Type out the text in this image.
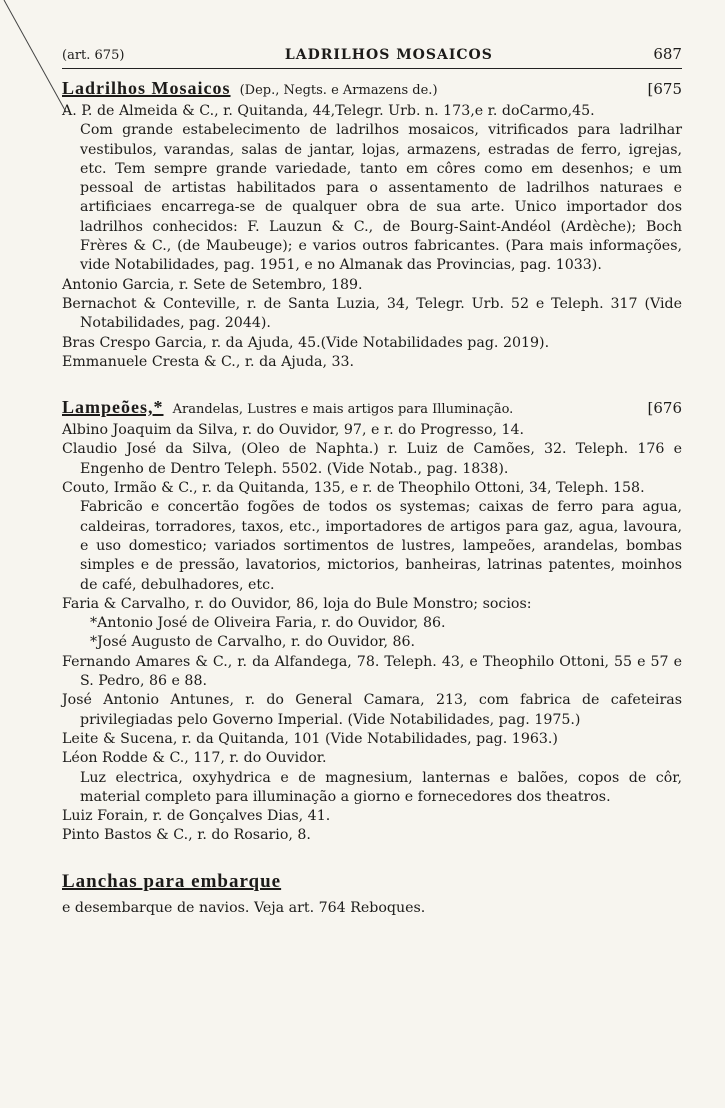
(art. 675)	LADRILHOS MOSAICOS	687
Ladrilhos Mosaicos (Dep., Negts. e Armazens de.)	[675
A. P. de Almeida & C., r. Quitanda, 44,Telegr. Urb. n. 173,e r. doCarmo,45.
Com grande estabelecimento de ladrilhos mosaicos, vitrificados para ladrilhar vestibulos, varandas, salas de jantar, lojas, armazens, estradas de ferro, igrejas, etc. Tem sempre grande variedade, tanto em côres como em desenhos; e um pessoal de artistas habilitados para o assentamento de ladrilhos naturaes e artificiaes encarrega-se de qualquer obra de sua arte. Unico importador dos ladrilhos conhecidos: F. Lauzun & C., de Bourg-Saint-Andéol (Ardèche); Boch Frères & C., (de Maubeuge); e varios outros fabricantes. (Para mais informações, vide Notabilidades, pag. 1951, e no Almanak das Provincias, pag. 1033).
Antonio Garcia, r. Sete de Setembro, 189.
Bernachot & Conteville, r. de Santa Luzia, 34, Telegr. Urb. 52 e Teleph. 317 (Vide Notabilidades, pag. 2044).
Bras Crespo Garcia, r. da Ajuda, 45.(Vide Notabilidades pag. 2019).
Emmanuele Cresta & C., r. da Ajuda, 33.
Lampeões,* Arandelas, Lustres e mais artigos para Illuminação.	[676
Albino Joaquim da Silva, r. do Ouvidor, 97, e r. do Progresso, 14.
Claudio José da Silva, (Oleo de Naphta.) r. Luiz de Camões, 32. Teleph. 176 e Engenho de Dentro Teleph. 5502. (Vide Notab., pag. 1838).
Couto, Irmão & C., r. da Quitanda, 135, e r. de Theophilo Ottoni, 34, Teleph. 158.
Fabricão e concertão fogões de todos os systemas; caixas de ferro para agua, caldeiras, torradores, taxos, etc., importadores de artigos para gaz, agua, lavoura, e uso domestico; variados sortimentos de lustres, lampeões, arandelas, bombas simples e de pressão, lavatorios, mictorios, banheiras, latrinas patentes, moinhos de café, debulhadores, etc.
Faria & Carvalho, r. do Ouvidor, 86, loja do Bule Monstro; socios:
*Antonio José de Oliveira Faria, r. do Ouvidor, 86.
*José Augusto de Carvalho, r. do Ouvidor, 86.
Fernando Amares & C., r. da Alfandega, 78. Teleph. 43, e Theophilo Ottoni, 55 e 57 e S. Pedro, 86 e 88.
José Antonio Antunes, r. do General Camara, 213, com fabrica de cafeteiras privilegiadas pelo Governo Imperial. (Vide Notabilidades, pag. 1975.)
Leite & Sucena, r. da Quitanda, 101 (Vide Notabilidades, pag. 1963.)
Léon Rodde & C., 117, r. do Ouvidor.
Luz electrica, oxyhydrica e de magnesium, lanternas e balões, copos de côr, material completo para illuminação a giorno e fornecedores dos theatros.
Luiz Forain, r. de Gonçalves Dias, 41.
Pinto Bastos & C., r. do Rosario, 8.
Lanchas para embarque
e desembarque de navios. Veja art. 764 Reboques.
